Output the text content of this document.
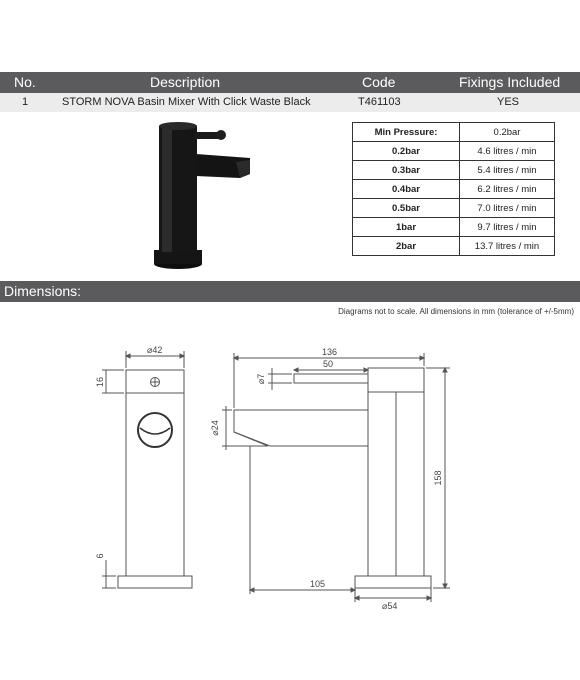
No.	Description	Code	Fixings Included
1	STORM NOVA Basin Mixer With Click Waste Black	T461103	YES
Min Pressure:	0.2bar
0.2bar	4.6 litres / min
0.3bar	5.4 litres / min
0.4bar	6.2 litres / min
0.5bar	7.0 litres / min
1bar	9.7 litres / min
2bar	13.7 litres / min
Dimensions:
Diagrams not to scale. All dimensions in mm (tolerance of +/-5mm)
⌀42
16
6
136
50
⌀7
⌀24
158
105
⌀54
